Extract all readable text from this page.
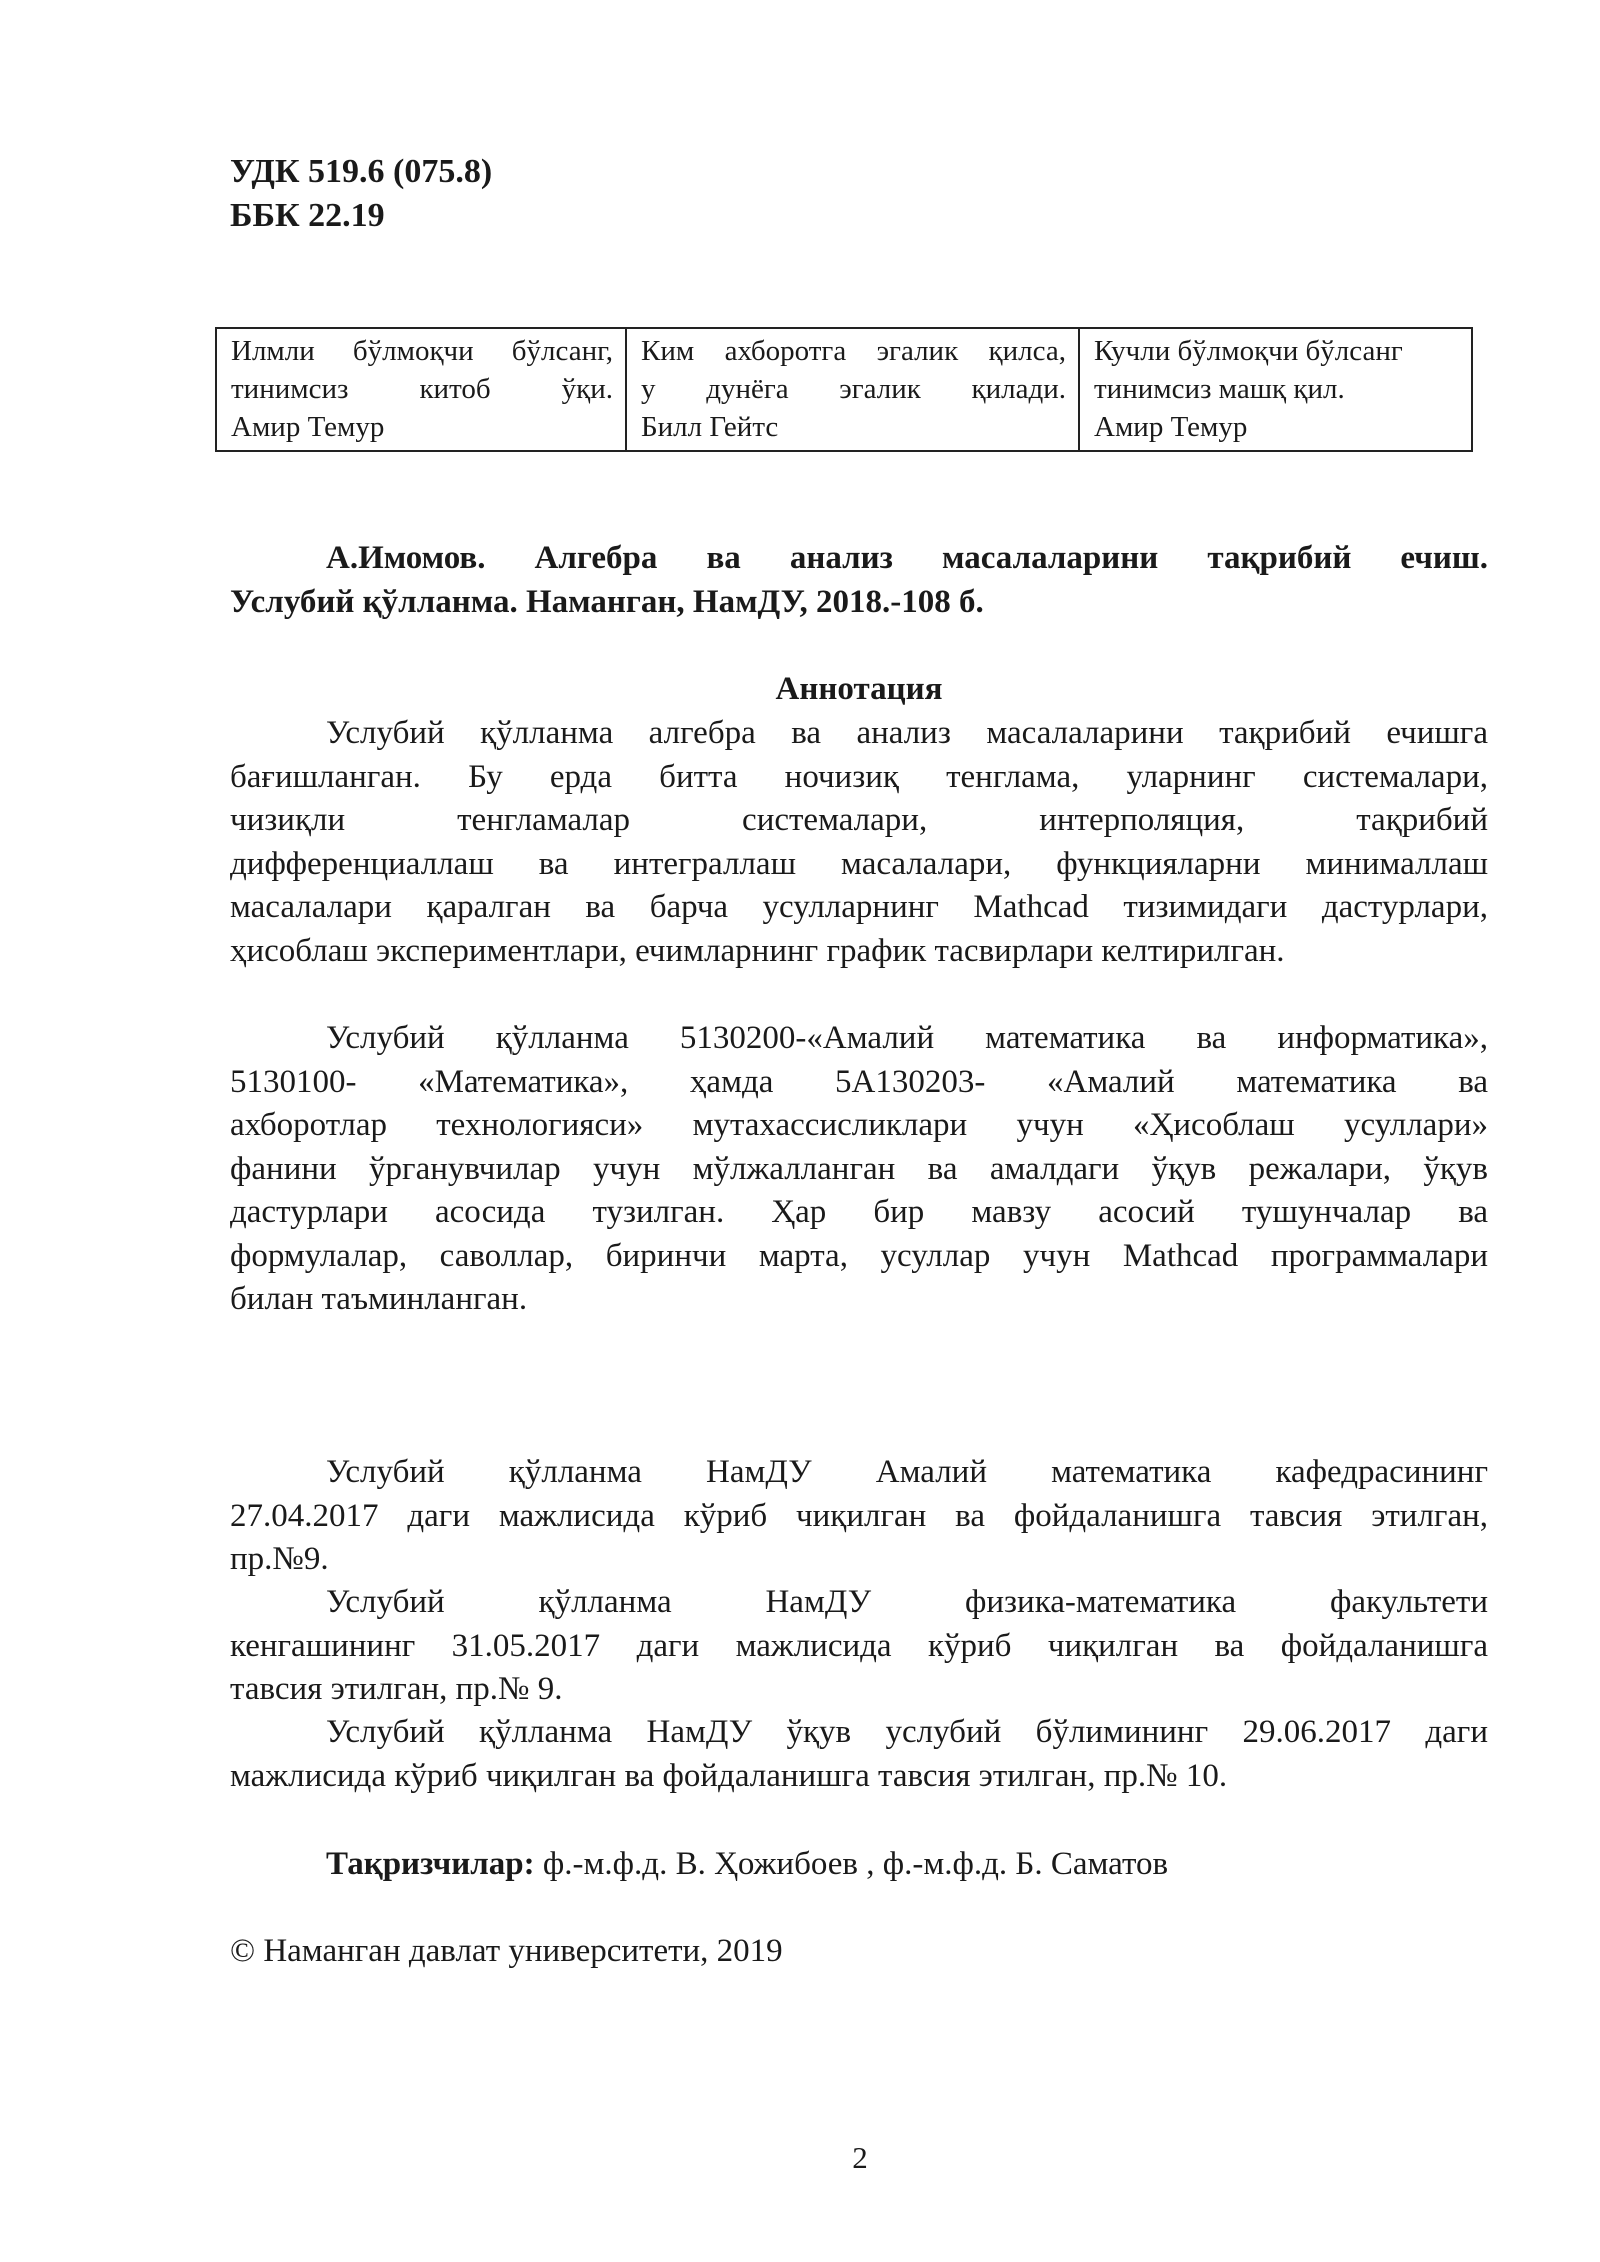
УДК 519.6 (075.8)
ББК 22.19
Илмли бўлмоқчи бўлсанг,
тинимсиз китоб ўқи.
Амир Темур

Ким ахборотга эгалик қилса,
у дунёга эгалик қилади.
Билл Гейтс

Кучли бўлмоқчи бўлсанг
тинимсиз машқ қил.
Амир Темур
А.Имомов. Алгебра ва анализ масалаларини тақрибий ечиш.
Услубий қўлланма. Наманган, НамДУ, 2018.-108 б.
Аннотация
Услубий қўлланма алгебра ва анализ масалаларини тақрибий ечишга
бағишланган. Бу ерда битта ночизиқ тенглама, уларнинг системалари,
чизиқли тенгламалар системалари, интерполяция, тақрибий
дифференциаллаш ва интеграллаш масалалари, функцияларни минималлаш
масалалари қаралган ва барча усулларнинг Mathcad тизимидаги дастурлари,
ҳисоблаш экспериментлари, ечимларнинг график тасвирлари келтирилган.
Услубий қўлланма 5130200-«Амалий математика ва информатика»,
5130100- «Математика», ҳамда 5А130203- «Амалий математика ва
ахборотлар технологияси» мутахассисликлари учун «Ҳисоблаш усуллари»
фанини ўрганувчилар учун мўлжалланган ва амалдаги ўқув режалари, ўқув
дастурлари асосида тузилган. Ҳар бир мавзу асосий тушунчалар ва
формулалар, саволлар, биринчи марта, усуллар учун Mathcad программалари
билан таъминланган.
Услубий қўлланма НамДУ Амалий математика кафедрасининг
27.04.2017 даги мажлисида кўриб чиқилган ва фойдаланишга тавсия этилган,
пр.№9.
Услубий қўлланма НамДУ физика-математика факультети
кенгашининг 31.05.2017 даги мажлисида кўриб чиқилган ва фойдаланишга
тавсия этилган, пр.№ 9.
Услубий қўлланма НамДУ ўқув услубий бўлимининг 29.06.2017 даги
мажлисида кўриб чиқилган ва фойдаланишга тавсия этилган, пр.№ 10.
Тақризчилар: ф.-м.ф.д. В. Ҳожибоев , ф.-м.ф.д. Б. Саматов
© Наманган давлат университети, 2019
2
